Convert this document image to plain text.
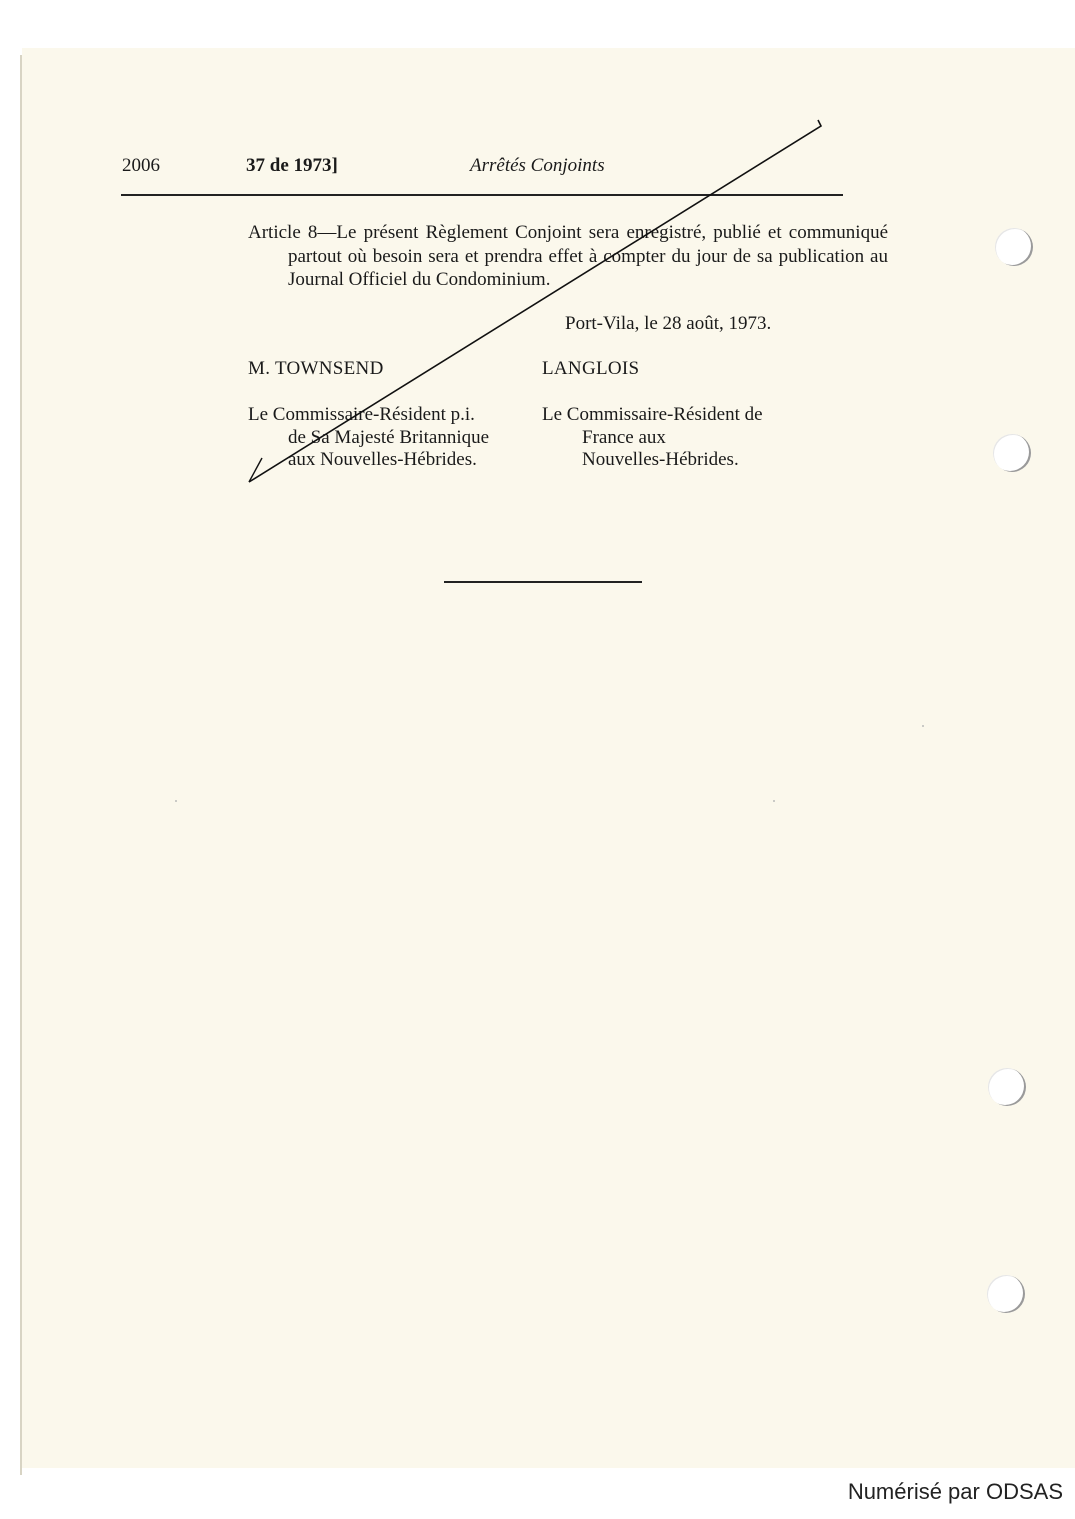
2006	37 de 1973]	Arrêtés Conjoints
Article 8—Le présent Règlement Conjoint sera enregistré, publié et communiqué partout où besoin sera et prendra effet à compter du jour de sa publication au Journal Officiel du Condominium.
Port-Vila, le 28 août, 1973.
M. TOWNSEND	LANGLOIS
Le Commissaire-Résident p.i.
de Sa Majesté Britannique
aux Nouvelles-Hébrides.
Le Commissaire-Résident de
France aux
Nouvelles-Hébrides.
Numérisé par ODSAS
